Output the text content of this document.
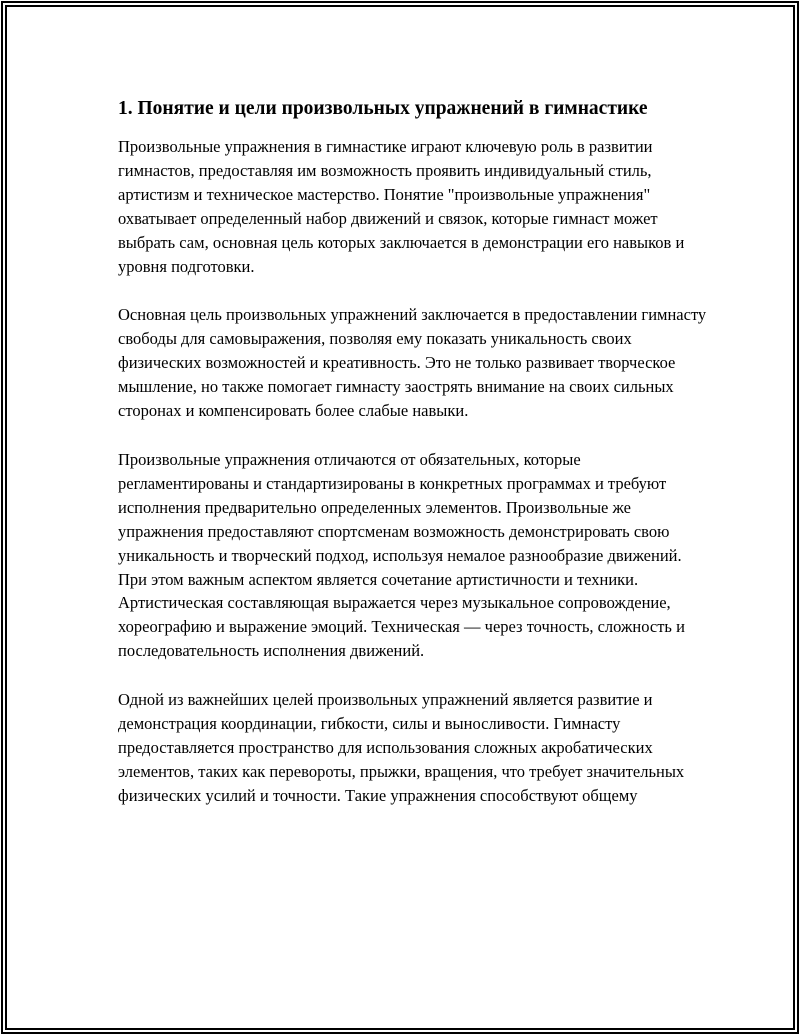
1. Понятие и цели произвольных упражнений в гимнастике

Произвольные упражнения в гимнастике играют ключевую роль в развитии гимнастов, предоставляя им возможность проявить индивидуальный стиль, артистизм и техническое мастерство. Понятие "произвольные упражнения" охватывает определенный набор движений и связок, которые гимнаст может выбрать сам, основная цель которых заключается в демонстрации его навыков и уровня подготовки.

Основная цель произвольных упражнений заключается в предоставлении гимнасту свободы для самовыражения, позволяя ему показать уникальность своих физических возможностей и креативность. Это не только развивает творческое мышление, но также помогает гимнасту заострять внимание на своих сильных сторонах и компенсировать более слабые навыки.

Произвольные упражнения отличаются от обязательных, которые регламентированы и стандартизированы в конкретных программах и требуют исполнения предварительно определенных элементов. Произвольные же упражнения предоставляют спортсменам возможность демонстрировать свою уникальность и творческий подход, используя немалое разнообразие движений. При этом важным аспектом является сочетание артистичности и техники. Артистическая составляющая выражается через музыкальное сопровождение, хореографию и выражение эмоций. Техническая — через точность, сложность и последовательность исполнения движений.

Одной из важнейших целей произвольных упражнений является развитие и демонстрация координации, гибкости, силы и выносливости. Гимнасту предоставляется пространство для использования сложных акробатических элементов, таких как перевороты, прыжки, вращения, что требует значительных физических усилий и точности. Такие упражнения способствуют общему
